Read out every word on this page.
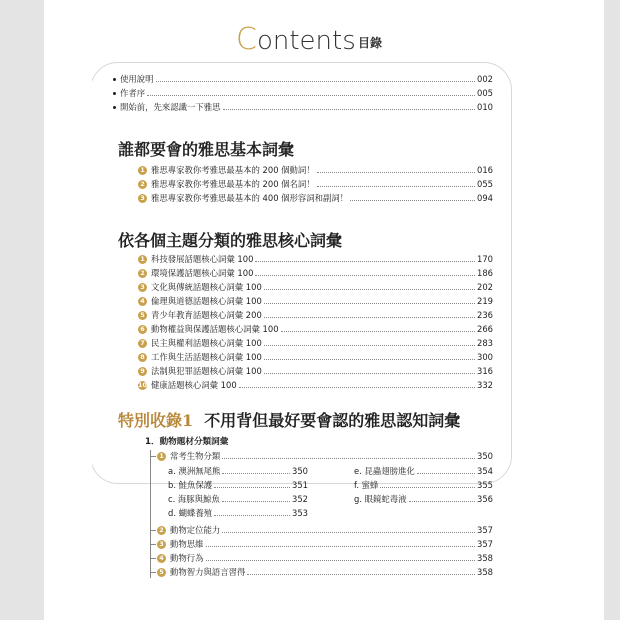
Contents 目錄
使用說明	002
作者序	005
開始前，先來認識一下雅思	010
誰都要會的雅思基本詞彙
1 雅思專家教你考雅思最基本的 200 個動詞！	016
2 雅思專家教你考雅思最基本的 200 個名詞！	055
3 雅思專家教你考雅思最基本的 400 個形容詞和副詞！	094
依各個主題分類的雅思核心詞彙
1 科技發展話題核心詞彙 100	170
2 環境保護話題核心詞彙 100	186
3 文化與傳統話題核心詞彙 100	202
4 倫理與道德話題核心詞彙 100	219
5 青少年教育話題核心詞彙 200	236
6 動物權益與保護話題核心詞彙 100	266
7 民主與權利話題核心詞彙 100	283
8 工作與生活話題核心詞彙 100	300
9 法制與犯罪話題核心詞彙 100	316
10 健康話題核心詞彙 100	332
特別收錄1 不用背但最好要會認的雅思認知詞彙
1．動物題材分類詞彙
1 常考生物分類	350
a. 澳洲無尾熊	350
b. 鮭魚保護	351
c. 海豚與鯨魚	352
d. 蝴蝶養殖	353
e. 昆蟲翅膀進化	354
f. 蜜蜂	355
g. 眼鏡蛇毒液	356
2 動物定位能力	357
3 動物思維	357
4 動物行為	358
5 動物智力與語言習得	358
